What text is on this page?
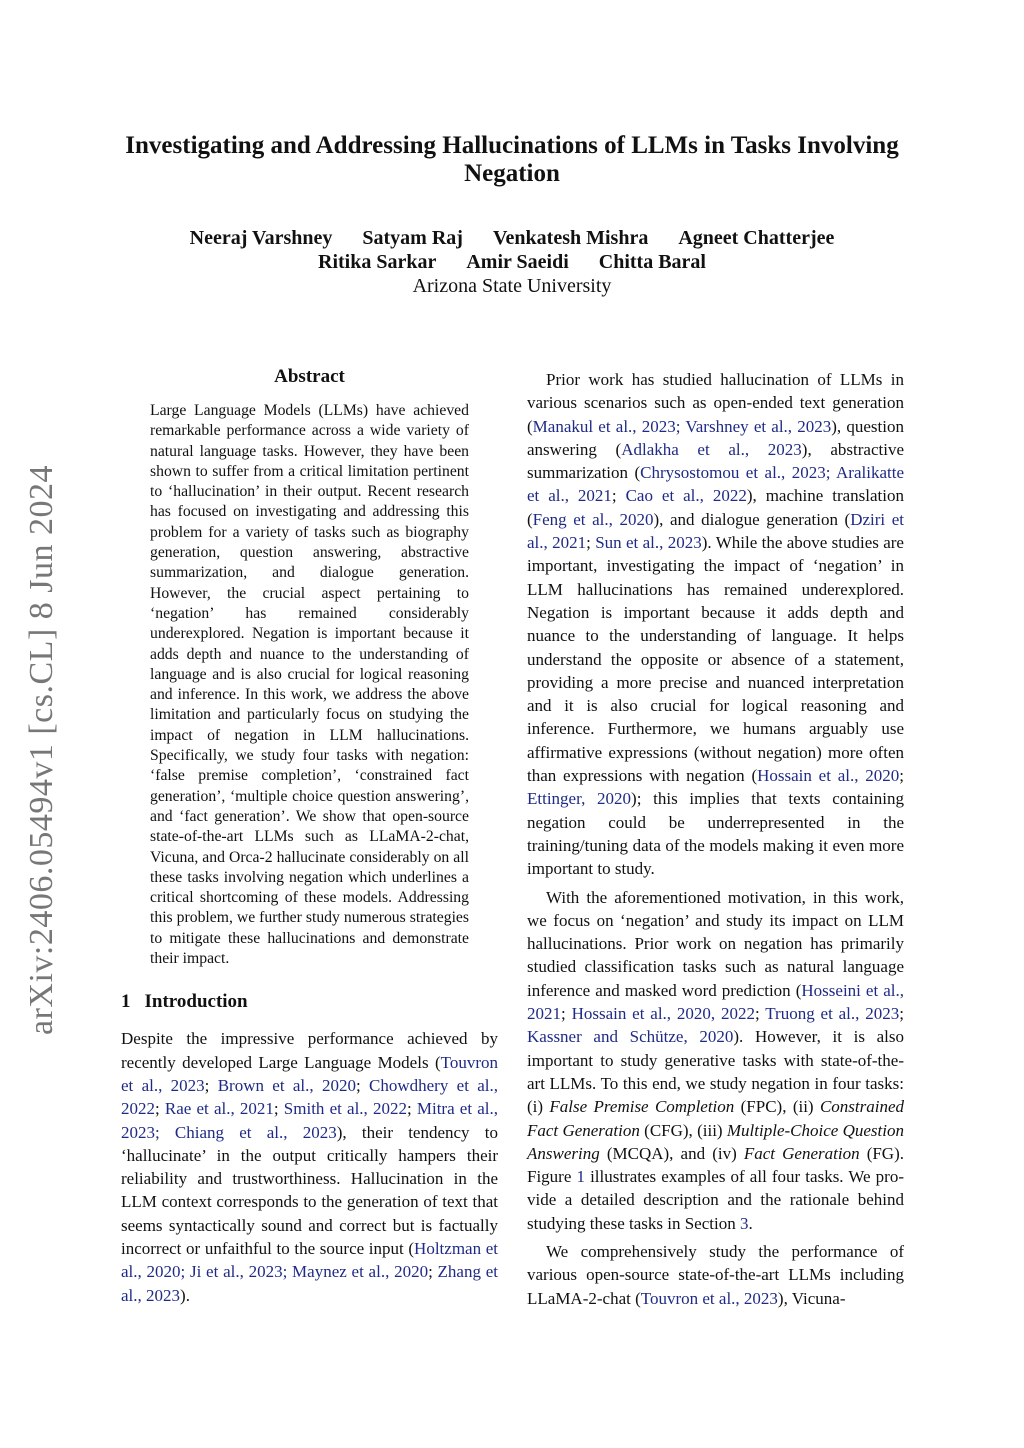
arXiv:2406.05494v1 [cs.CL] 8 Jun 2024
Investigating and Addressing Hallucinations of LLMs in Tasks Involving
Negation
Neeraj Varshney Satyam Raj Venkatesh Mishra Agneet Chatterjee
Ritika Sarkar Amir Saeidi Chitta Baral
Arizona State University
Abstract
Large Language Models (LLMs) have achieved remarkable performance across a wide variety of natural language tasks. However, they have been shown to suffer from a critical limitation pertinent to ‘hallucination’ in their output. Recent research has focused on investigating and addressing this problem for a variety of tasks such as biography generation, question answering, abstractive summarization, and dialogue generation. However, the crucial aspect pertaining to ‘negation’ has remained considerably underexplored. Negation is important because it adds depth and nuance to the understanding of language and is also crucial for logical reasoning and inference. In this work, we address the above limitation and particularly focus on studying the impact of negation in LLM hallucinations. Specifically, we study four tasks with negation: ‘false premise completion’, ‘constrained fact generation’, ‘multiple choice question answering’, and ‘fact generation’. We show that open-source state-of-the-art LLMs such as LLaMA-2-chat, Vicuna, and Orca-2 hallucinate considerably on all these tasks involving negation which underlines a critical shortcoming of these models. Addressing this problem, we further study numerous strategies to mitigate these hallucinations and demonstrate their impact.
1 Introduction

Despite the impressive performance achieved by recently developed Large Language Models (Touvron et al., 2023; Brown et al., 2020; Chowdhery et al., 2022; Rae et al., 2021; Smith et al., 2022; Mitra et al., 2023; Chiang et al., 2023), their tendency to ‘hallucinate’ in the output critically hampers their reliability and trustworthiness. Hallucination in the LLM context corresponds to the generation of text that seems syntactically sound and correct but is factually incorrect or unfaithful to the source input (Holtzman et al., 2020; Ji et al., 2023; Maynez et al., 2020; Zhang et al., 2023).

Prior work has studied hallucination of LLMs in various scenarios such as open-ended text generation (Manakul et al., 2023; Varshney et al., 2023), question answering (Adlakha et al., 2023), abstractive summarization (Chrysostomou et al., 2023; Aralikatte et al., 2021; Cao et al., 2022), machine translation (Feng et al., 2020), and dialogue generation (Dziri et al., 2021; Sun et al., 2023). While the above studies are important, investigating the impact of ‘negation’ in LLM hallucinations has remained underexplored. Negation is important because it adds depth and nuance to the understanding of language. It helps understand the opposite or absence of a statement, providing a more precise and nuanced interpretation and it is also crucial for logical reasoning and inference. Furthermore, we humans arguably use affirmative expressions (without negation) more often than expressions with negation (Hossain et al., 2020; Ettinger, 2020); this implies that texts containing negation could be underrepresented in the training/tuning data of the models making it even more important to study.

With the aforementioned motivation, in this work, we focus on ‘negation’ and study its impact on LLM hallucinations. Prior work on negation has primarily studied classification tasks such as natural language inference and masked word prediction (Hosseini et al., 2021; Hossain et al., 2020, 2022; Truong et al., 2023; Kassner and Schütze, 2020). However, it is also important to study generative tasks with state-of-the-art LLMs. To this end, we study negation in four tasks: (i) False Premise Completion (FPC), (ii) Constrained Fact Generation (CFG), (iii) Multiple-Choice Question Answering (MCQA), and (iv) Fact Generation (FG). Figure 1 illustrates examples of all four tasks. We provide a detailed description and the rationale behind studying these tasks in Section 3.

We comprehensively study the performance of various open-source state-of-the-art LLMs including LLaMA-2-chat (Touvron et al., 2023), Vicuna-
